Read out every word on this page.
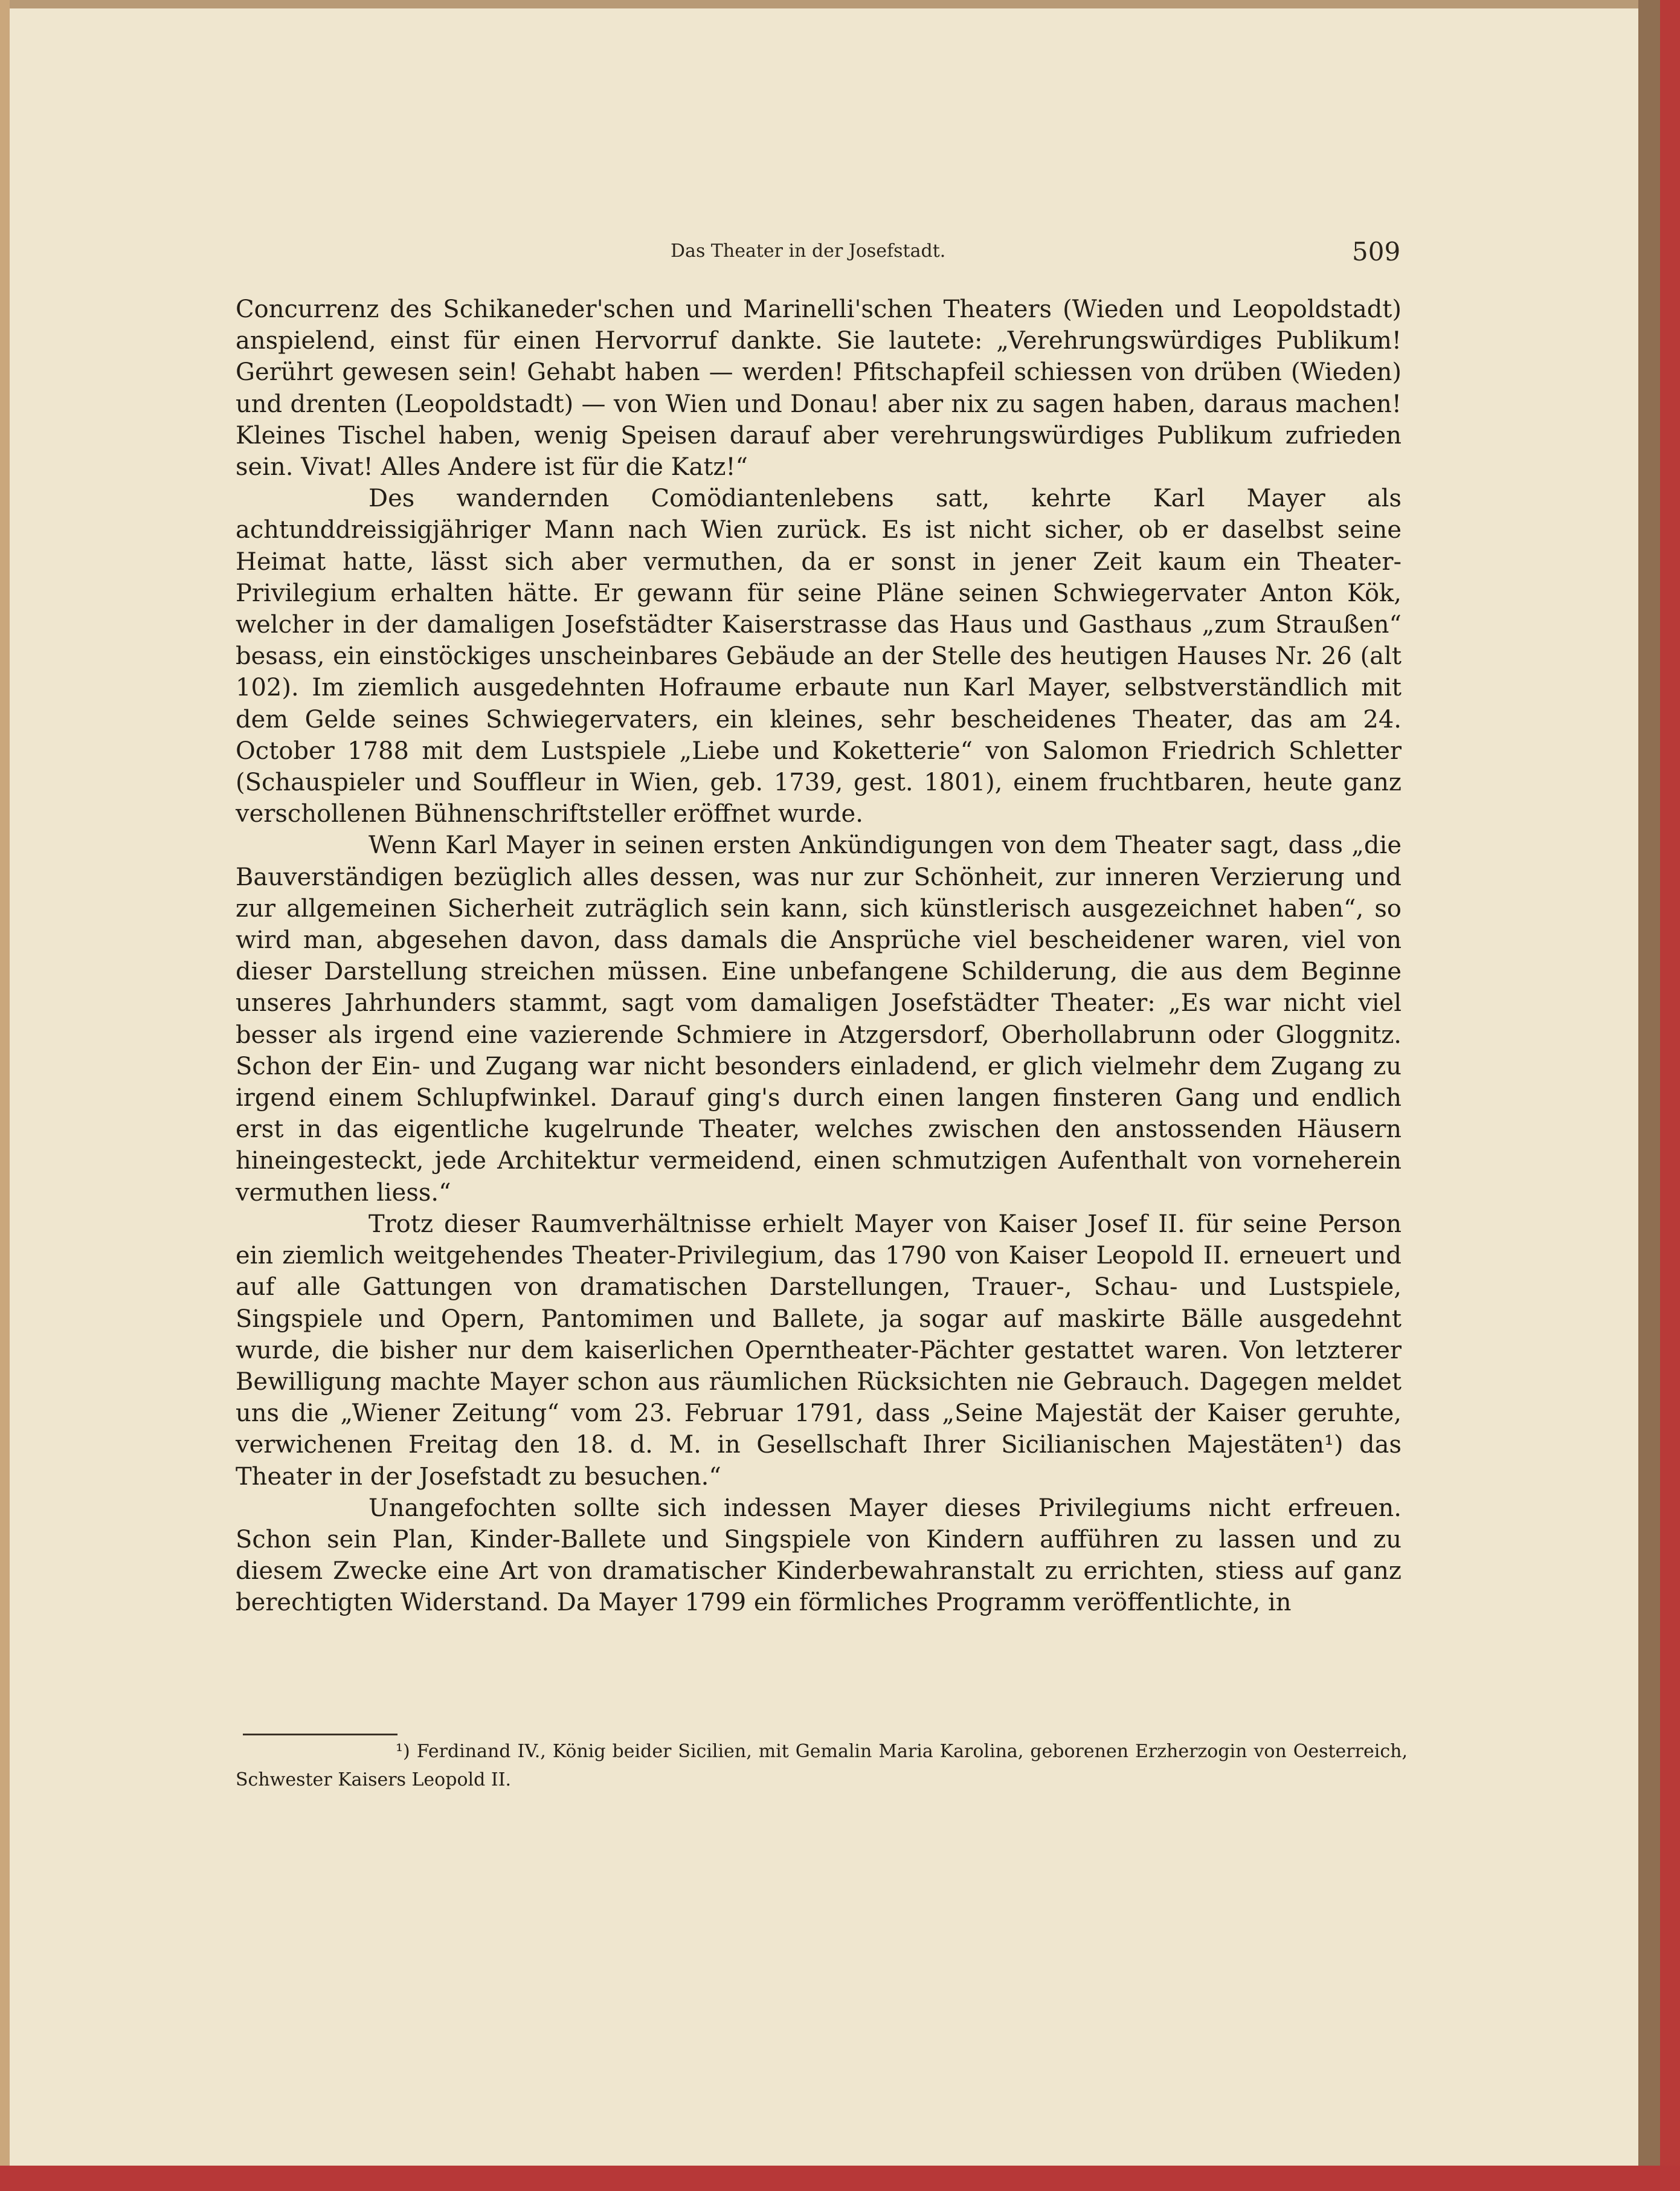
Das Theater in der Josefstadt.	509

Concurrenz des Schikaneder'schen und Marinelli'schen Theaters (Wieden und Leopoldstadt) anspielend, einst für einen Hervorruf dankte. Sie lautete: „Verehrungswürdiges Publikum! Gerührt gewesen sein! Gehabt haben — werden! Pfitschapfeil schiessen von drüben (Wieden) und drenten (Leopoldstadt) — von Wien und Donau! aber nix zu sagen haben, daraus machen! Kleines Tischel haben, wenig Speisen darauf aber verehrungswürdiges Publikum zufrieden sein. Vivat! Alles Andere ist für die Katz!“

Des wandernden Comödiantenlebens satt, kehrte Karl Mayer als achtunddreissigjähriger Mann nach Wien zurück. Es ist nicht sicher, ob er daselbst seine Heimat hatte, lässt sich aber vermuthen, da er sonst in jener Zeit kaum ein Theater-Privilegium erhalten hätte. Er gewann für seine Pläne seinen Schwiegervater Anton Kök, welcher in der damaligen Josefstädter Kaiserstrasse das Haus und Gasthaus „zum Straußen“ besass, ein einstöckiges unscheinbares Gebäude an der Stelle des heutigen Hauses Nr. 26 (alt 102). Im ziemlich ausgedehnten Hofraume erbaute nun Karl Mayer, selbstverständlich mit dem Gelde seines Schwiegervaters, ein kleines, sehr bescheidenes Theater, das am 24. October 1788 mit dem Lustspiele „Liebe und Koketterie“ von Salomon Friedrich Schletter (Schauspieler und Souffleur in Wien, geb. 1739, gest. 1801), einem fruchtbaren, heute ganz verschollenen Bühnenschriftsteller eröffnet wurde.

Wenn Karl Mayer in seinen ersten Ankündigungen von dem Theater sagt, dass „die Bauverständigen bezüglich alles dessen, was nur zur Schönheit, zur inneren Verzierung und zur allgemeinen Sicherheit zuträglich sein kann, sich künstlerisch ausgezeichnet haben“, so wird man, abgesehen davon, dass damals die Ansprüche viel bescheidener waren, viel von dieser Darstellung streichen müssen. Eine unbefangene Schilderung, die aus dem Beginne unseres Jahrhunders stammt, sagt vom damaligen Josefstädter Theater: „Es war nicht viel besser als irgend eine vazierende Schmiere in Atzgersdorf, Oberhollabrunn oder Gloggnitz. Schon der Ein- und Zugang war nicht besonders einladend, er glich vielmehr dem Zugang zu irgend einem Schlupfwinkel. Darauf ging's durch einen langen finsteren Gang und endlich erst in das eigentliche kugelrunde Theater, welches zwischen den anstossenden Häusern hineingesteckt, jede Architektur vermeidend, einen schmutzigen Aufenthalt von vorneherein vermuthen liess.“

Trotz dieser Raumverhältnisse erhielt Mayer von Kaiser Josef II. für seine Person ein ziemlich weitgehendes Theater-Privilegium, das 1790 von Kaiser Leopold II. erneuert und auf alle Gattungen von dramatischen Darstellungen, Trauer-, Schau- und Lustspiele, Singspiele und Opern, Pantomimen und Ballete, ja sogar auf maskirte Bälle ausgedehnt wurde, die bisher nur dem kaiserlichen Operntheater-Pächter gestattet waren. Von letzterer Bewilligung machte Mayer schon aus räumlichen Rücksichten nie Gebrauch. Dagegen meldet uns die „Wiener Zeitung“ vom 23. Februar 1791, dass „Seine Majestät der Kaiser geruhte, verwichenen Freitag den 18. d. M. in Gesellschaft Ihrer Sicilianischen Majestäten¹) das Theater in der Josefstadt zu besuchen.“

Unangefochten sollte sich indessen Mayer dieses Privilegiums nicht erfreuen. Schon sein Plan, Kinder-Ballete und Singspiele von Kindern aufführen zu lassen und zu diesem Zwecke eine Art von dramatischer Kinderbewahranstalt zu errichten, stiess auf ganz berechtigten Widerstand. Da Mayer 1799 ein förmliches Programm veröffentlichte, in

¹) Ferdinand IV., König beider Sicilien, mit Gemalin Maria Karolina, geborenen Erzherzogin von Oesterreich, Schwester Kaisers Leopold II.
